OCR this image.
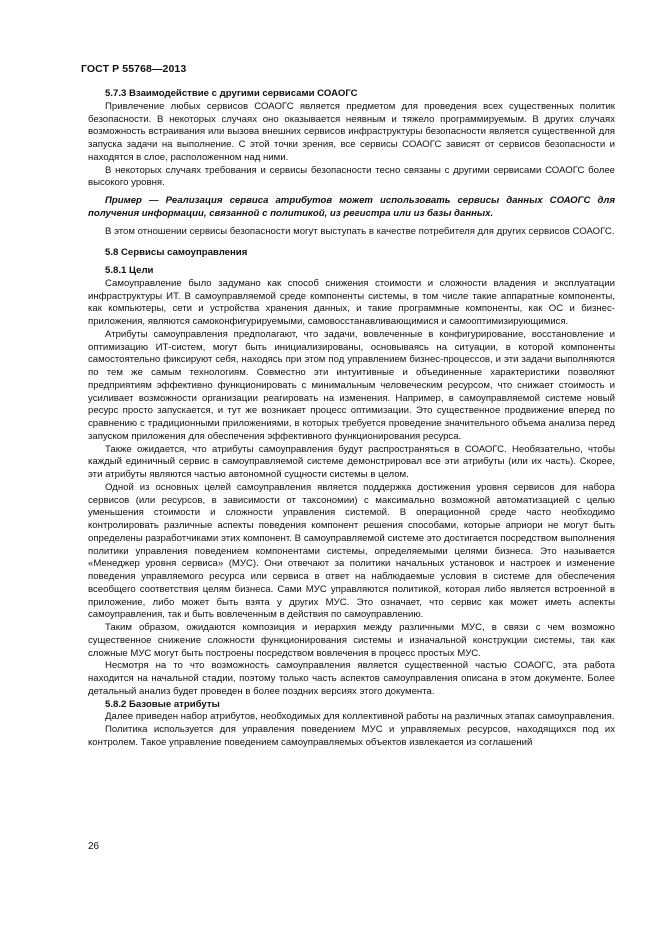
ГОСТ Р 55768—2013

5.7.3 Взаимодействие с другими сервисами СОАОГС

Привлечение любых сервисов СОАОГС является предметом для проведения всех существенных политик безопасности. В некоторых случаях оно оказывается неявным и тяжело программируемым. В других случаях возможность встраивания или вызова внешних сервисов инфраструктуры безопасности является существенной для запуска задачи на выполнение. С этой точки зрения, все сервисы СОАОГС зависят от сервисов безопасности и находятся в слое, расположенном над ними.

В некоторых случаях требования и сервисы безопасности тесно связаны с другими сервисами СОАОГС более высокого уровня.

Пример — Реализация сервиса атрибутов может использовать сервисы данных СОАОГС для получения информации, связанной с политикой, из регистра или из базы данных.

В этом отношении сервисы безопасности могут выступать в качестве потребителя для других сервисов СОАОГС.

5.8 Сервисы самоуправления

5.8.1 Цели

Самоуправление было задумано как способ снижения стоимости и сложности владения и эксплуатации инфраструктуры ИТ. В самоуправляемой среде компоненты системы, в том числе такие аппаратные компоненты, как компьютеры, сети и устройства хранения данных, и такие программные компоненты, как ОС и бизнес-приложения, являются самоконфигурируемыми, самовосстанавливающимися и самооптимизирующимися.

Атрибуты самоуправления предполагают, что задачи, вовлеченные в конфигурирование, восстановление и оптимизацию ИТ-систем, могут быть инициализированы, основываясь на ситуации, в которой компоненты самостоятельно фиксируют себя, находясь при этом под управлением бизнес-процессов, и эти задачи выполняются по тем же самым технологиям. Совместно эти интуитивные и объединенные характеристики позволяют предприятиям эффективно функционировать с минимальным человеческим ресурсом, что снижает стоимость и усиливает возможности организации реагировать на изменения. Например, в самоуправляемой системе новый ресурс просто запускается, и тут же возникает процесс оптимизации. Это существенное продвижение вперед по сравнению с традиционными приложениями, в которых требуется проведение значительного объема анализа перед запуском приложения для обеспечения эффективного функционирования ресурса.

Также ожидается, что атрибуты самоуправления будут распространяться в СОАОГС. Необязательно, чтобы каждый единичный сервис в самоуправляемой системе демонстрировал все эти атрибуты (или их часть). Скорее, эти атрибуты являются частью автономной сущности системы в целом.

Одной из основных целей самоуправления является поддержка достижения уровня сервисов для набора сервисов (или ресурсов, в зависимости от таксономии) с максимально возможной автоматизацией с целью уменьшения стоимости и сложности управления системой. В операционной среде часто необходимо контролировать различные аспекты поведения компонент решения способами, которые априори не могут быть определены разработчиками этих компонент. В самоуправляемой системе это достигается посредством выполнения политики управления поведением компонентами системы, определяемыми целями бизнеса. Это называется «Менеджер уровня сервиса» (МУС). Они отвечают за политики начальных установок и настроек и изменение поведения управляемого ресурса или сервиса в ответ на наблюдаемые условия в системе для обеспечения всеобщего соответствия целям бизнеса. Сами МУС управляются политикой, которая либо является встроенной в приложение, либо может быть взята у других МУС. Это означает, что сервис как может иметь аспекты самоуправления, так и быть вовлеченным в действия по самоуправлению.

Таким образом, ожидаются композиция и иерархия между различными МУС, в связи с чем возможно существенное снижение сложности функционирования системы и изначальной конструкции системы, так как сложные МУС могут быть построены посредством вовлечения в процесс простых МУС.

Несмотря на то что возможность самоуправления является существенной частью СОАОГС, эта работа находится на начальной стадии, поэтому только часть аспектов самоуправления описана в этом документе. Более детальный анализ будет проведен в более поздних версиях этого документа.

5.8.2 Базовые атрибуты

Далее приведен набор атрибутов, необходимых для коллективной работы на различных этапах самоуправления.

Политика используется для управления поведением МУС и управляемых ресурсов, находящихся под их контролем. Такое управление поведением самоуправляемых объектов извлекается из соглашений

26
